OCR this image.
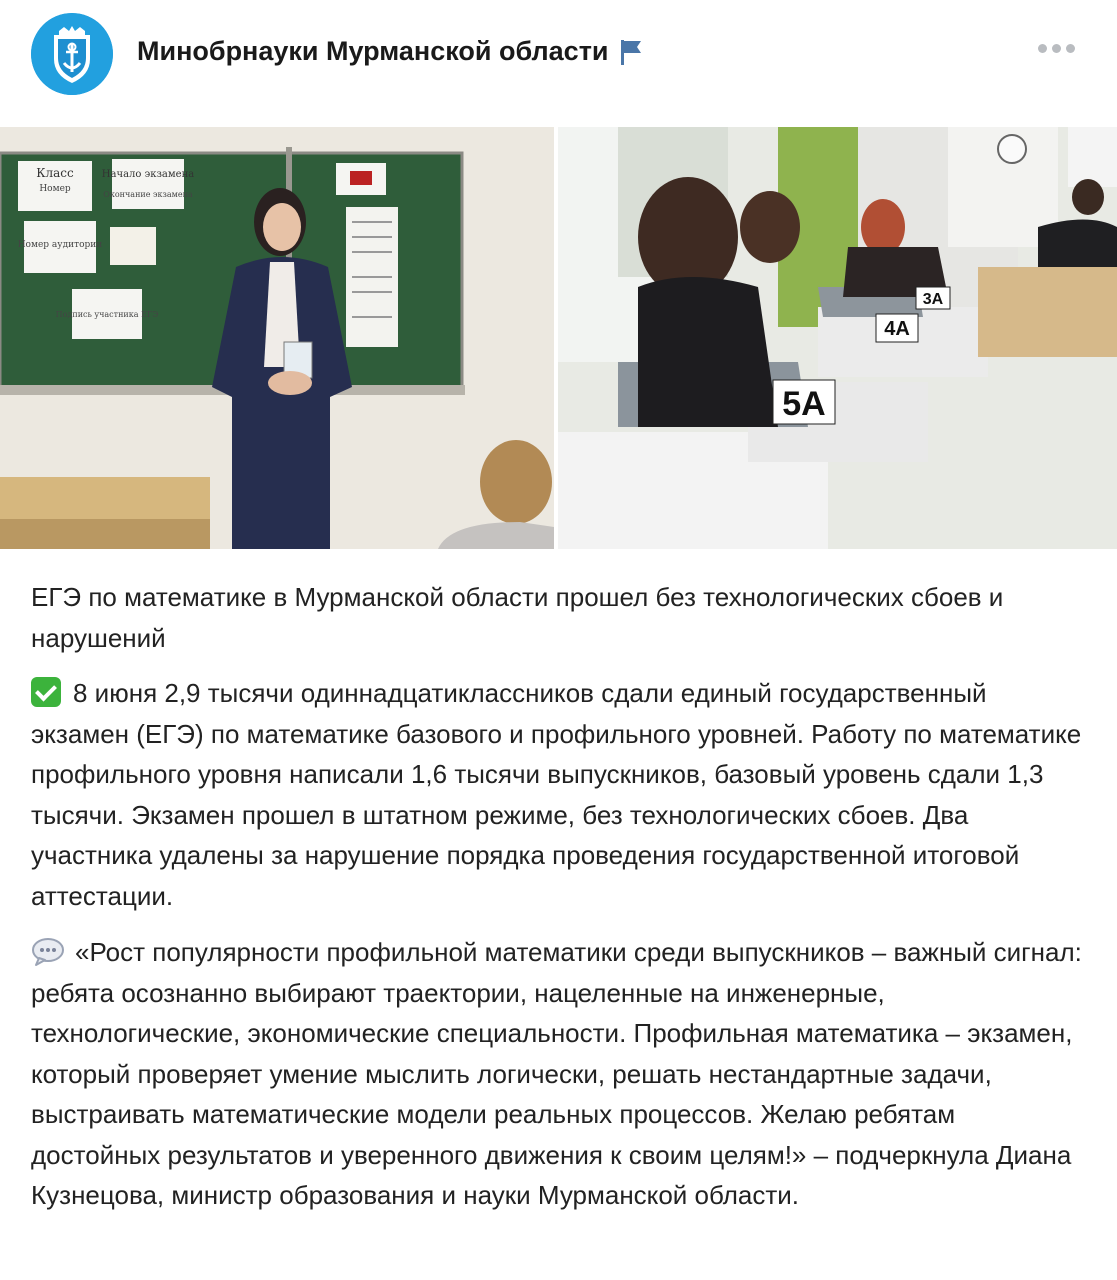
Минобрнауки Мурманской области
Класс
Номер
Начало экзамена
Окончание экзамена
Номер аудитории
Подпись участника ЕГЭ
5А
4А
3А
ЕГЭ по математике в Мурманской области прошел без технологических сбоев и нарушений
8 июня 2,9 тысячи одиннадцатиклассников сдали единый государственный экзамен (ЕГЭ) по математике базового и профильного уровней. Работу по математике профильного уровня написали 1,6 тысячи выпускников, базовый уровень сдали 1,3 тысячи. Экзамен прошел в штатном режиме, без технологических сбоев. Два участника удалены за нарушение порядка проведения государственной итоговой аттестации.
«Рост популярности профильной математики среди выпускников – важный сигнал: ребята осознанно выбирают траектории, нацеленные на инженерные, технологические, экономические специальности. Профильная математика – экзамен, который проверяет умение мыслить логически, решать нестандартные задачи, выстраивать математические модели реальных процессов. Желаю ребятам достойных результатов и уверенного движения к своим целям!» – подчеркнула Диана Кузнецова, министр образования и науки Мурманской области.
